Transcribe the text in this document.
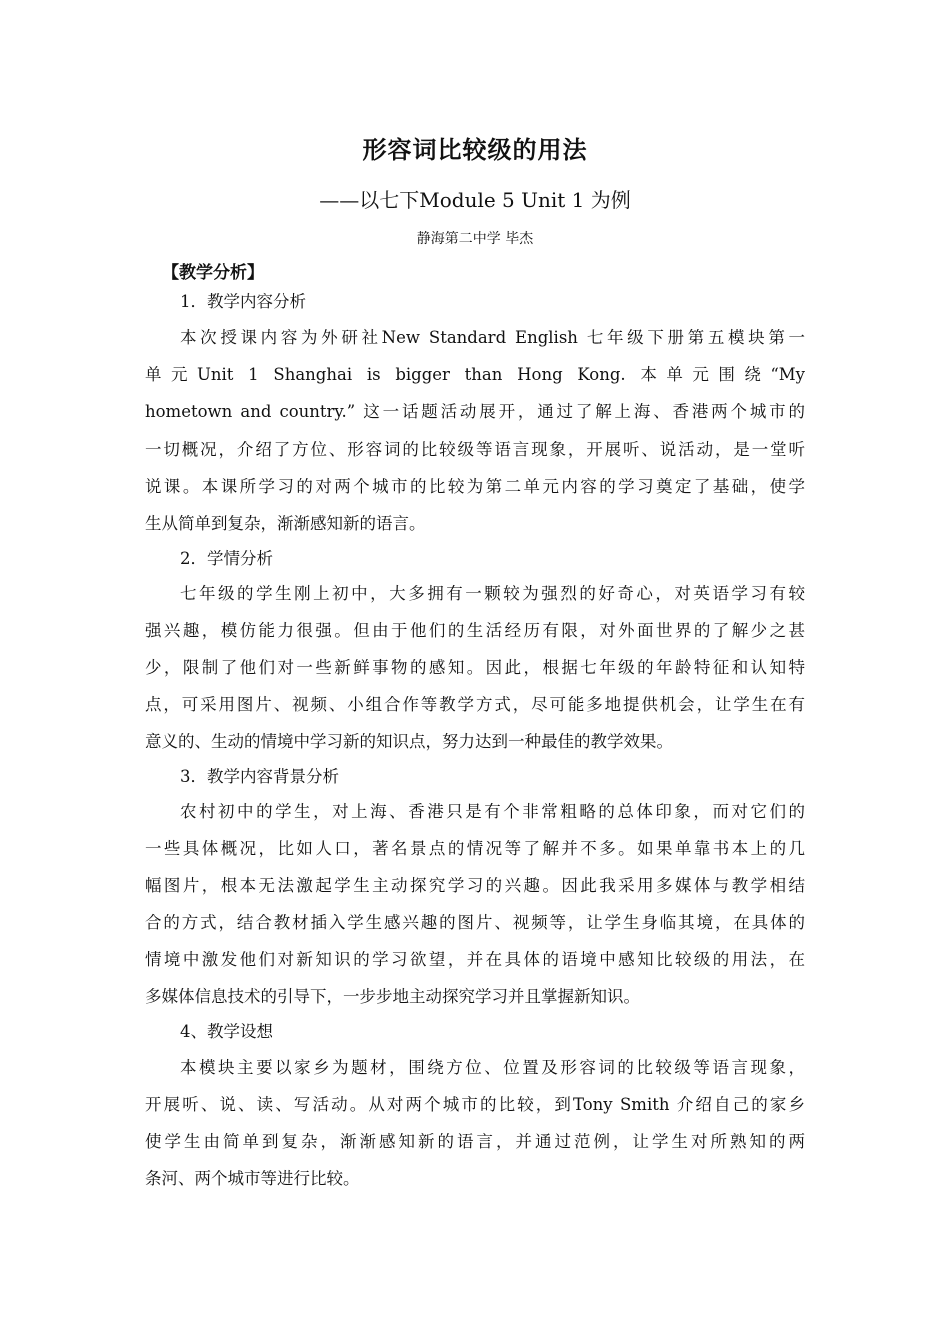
形容词比较级的用法
——以七下Module 5 Unit 1 为例
静海第二中学 毕杰
【教学分析】
1．教学内容分析
本次授课内容为外研社New Standard English 七年级下册第五模块第一
单元Unit 1 Shanghai is bigger than Hong Kong. 本单元围绕“My
hometown and country.” 这一话题活动展开，通过了解上海、香港两个城市的
一切概况，介绍了方位、形容词的比较级等语言现象，开展听、说活动，是一堂听
说课。本课所学习的对两个城市的比较为第二单元内容的学习奠定了基础，使学
生从简单到复杂，渐渐感知新的语言。
2．学情分析
七年级的学生刚上初中，大多拥有一颗较为强烈的好奇心，对英语学习有较
强兴趣，模仿能力很强。但由于他们的生活经历有限，对外面世界的了解少之甚
少，限制了他们对一些新鲜事物的感知。因此，根据七年级的年龄特征和认知特
点，可采用图片、视频、小组合作等教学方式，尽可能多地提供机会，让学生在有
意义的、生动的情境中学习新的知识点，努力达到一种最佳的教学效果。
3．教学内容背景分析
农村初中的学生，对上海、香港只是有个非常粗略的总体印象，而对它们的
一些具体概况，比如人口，著名景点的情况等了解并不多。如果单靠书本上的几
幅图片，根本无法激起学生主动探究学习的兴趣。因此我采用多媒体与教学相结
合的方式，结合教材插入学生感兴趣的图片、视频等，让学生身临其境，在具体的
情境中激发他们对新知识的学习欲望，并在具体的语境中感知比较级的用法，在
多媒体信息技术的引导下，一步步地主动探究学习并且掌握新知识。
4、教学设想
本模块主要以家乡为题材，围绕方位、位置及形容词的比较级等语言现象，
开展听、说、读、写活动。从对两个城市的比较，到Tony Smith 介绍自己的家乡
使学生由简单到复杂，渐渐感知新的语言，并通过范例，让学生对所熟知的两
条河、两个城市等进行比较。
